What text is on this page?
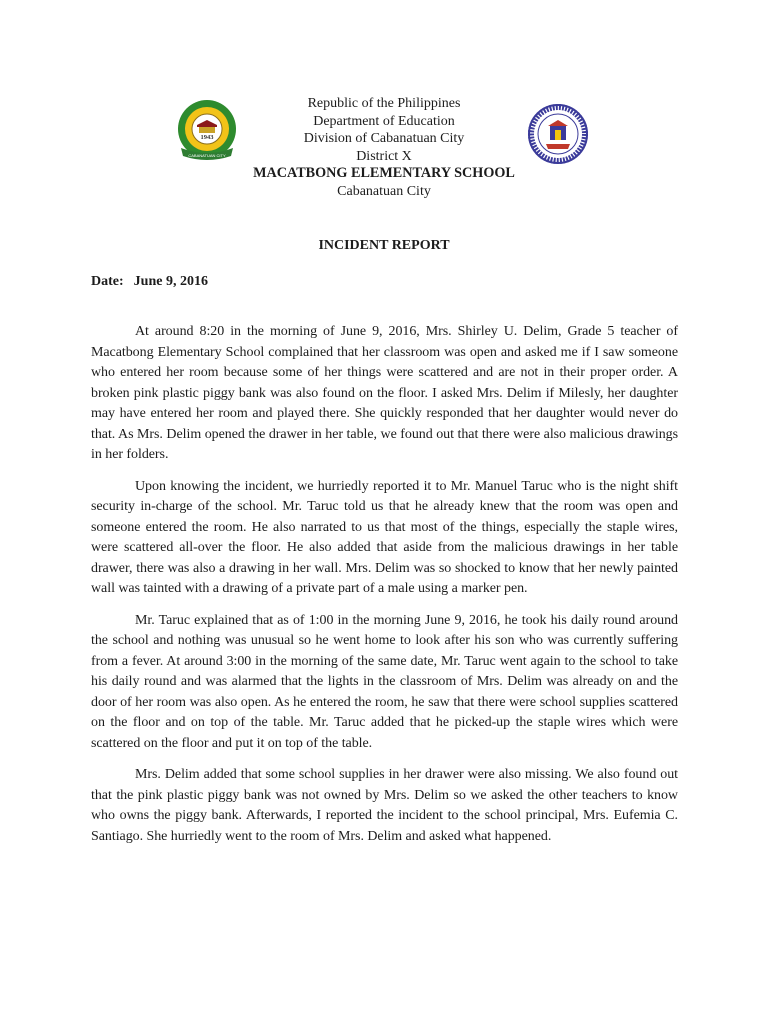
1943
CABANATUAN CITY
Republic of the Philippines
Department of Education
Division of Cabanatuan City
District X
MACATBONG ELEMENTARY SCHOOL
Cabanatuan City
INCIDENT REPORT

Date: June 9, 2016

At around 8:20 in the morning of June 9, 2016, Mrs. Shirley U. Delim, Grade 5 teacher of Macatbong Elementary School complained that her classroom was open and asked me if I saw someone who entered her room because some of her things were scattered and are not in their proper order. A broken pink plastic piggy bank was also found on the floor. I asked Mrs. Delim if Milesly, her daughter may have entered her room and played there. She quickly responded that her daughter would never do that. As Mrs. Delim opened the drawer in her table, we found out that there were also malicious drawings in her folders.

Upon knowing the incident, we hurriedly reported it to Mr. Manuel Taruc who is the night shift security in-charge of the school. Mr. Taruc told us that he already knew that the room was open and someone entered the room. He also narrated to us that most of the things, especially the staple wires, were scattered all-over the floor. He also added that aside from the malicious drawings in her table drawer, there was also a drawing in her wall. Mrs. Delim was so shocked to know that her newly painted wall was tainted with a drawing of a private part of a male using a marker pen.

Mr. Taruc explained that as of 1:00 in the morning June 9, 2016, he took his daily round around the school and nothing was unusual so he went home to look after his son who was currently suffering from a fever. At around 3:00 in the morning of the same date, Mr. Taruc went again to the school to take his daily round and was alarmed that the lights in the classroom of Mrs. Delim was already on and the door of her room was also open. As he entered the room, he saw that there were school supplies scattered on the floor and on top of the table. Mr. Taruc added that he picked-up the staple wires which were scattered on the floor and put it on top of the table.

Mrs. Delim added that some school supplies in her drawer were also missing. We also found out that the pink plastic piggy bank was not owned by Mrs. Delim so we asked the other teachers to know who owns the piggy bank. Afterwards, I reported the incident to the school principal, Mrs. Eufemia C. Santiago. She hurriedly went to the room of Mrs. Delim and asked what happened.
